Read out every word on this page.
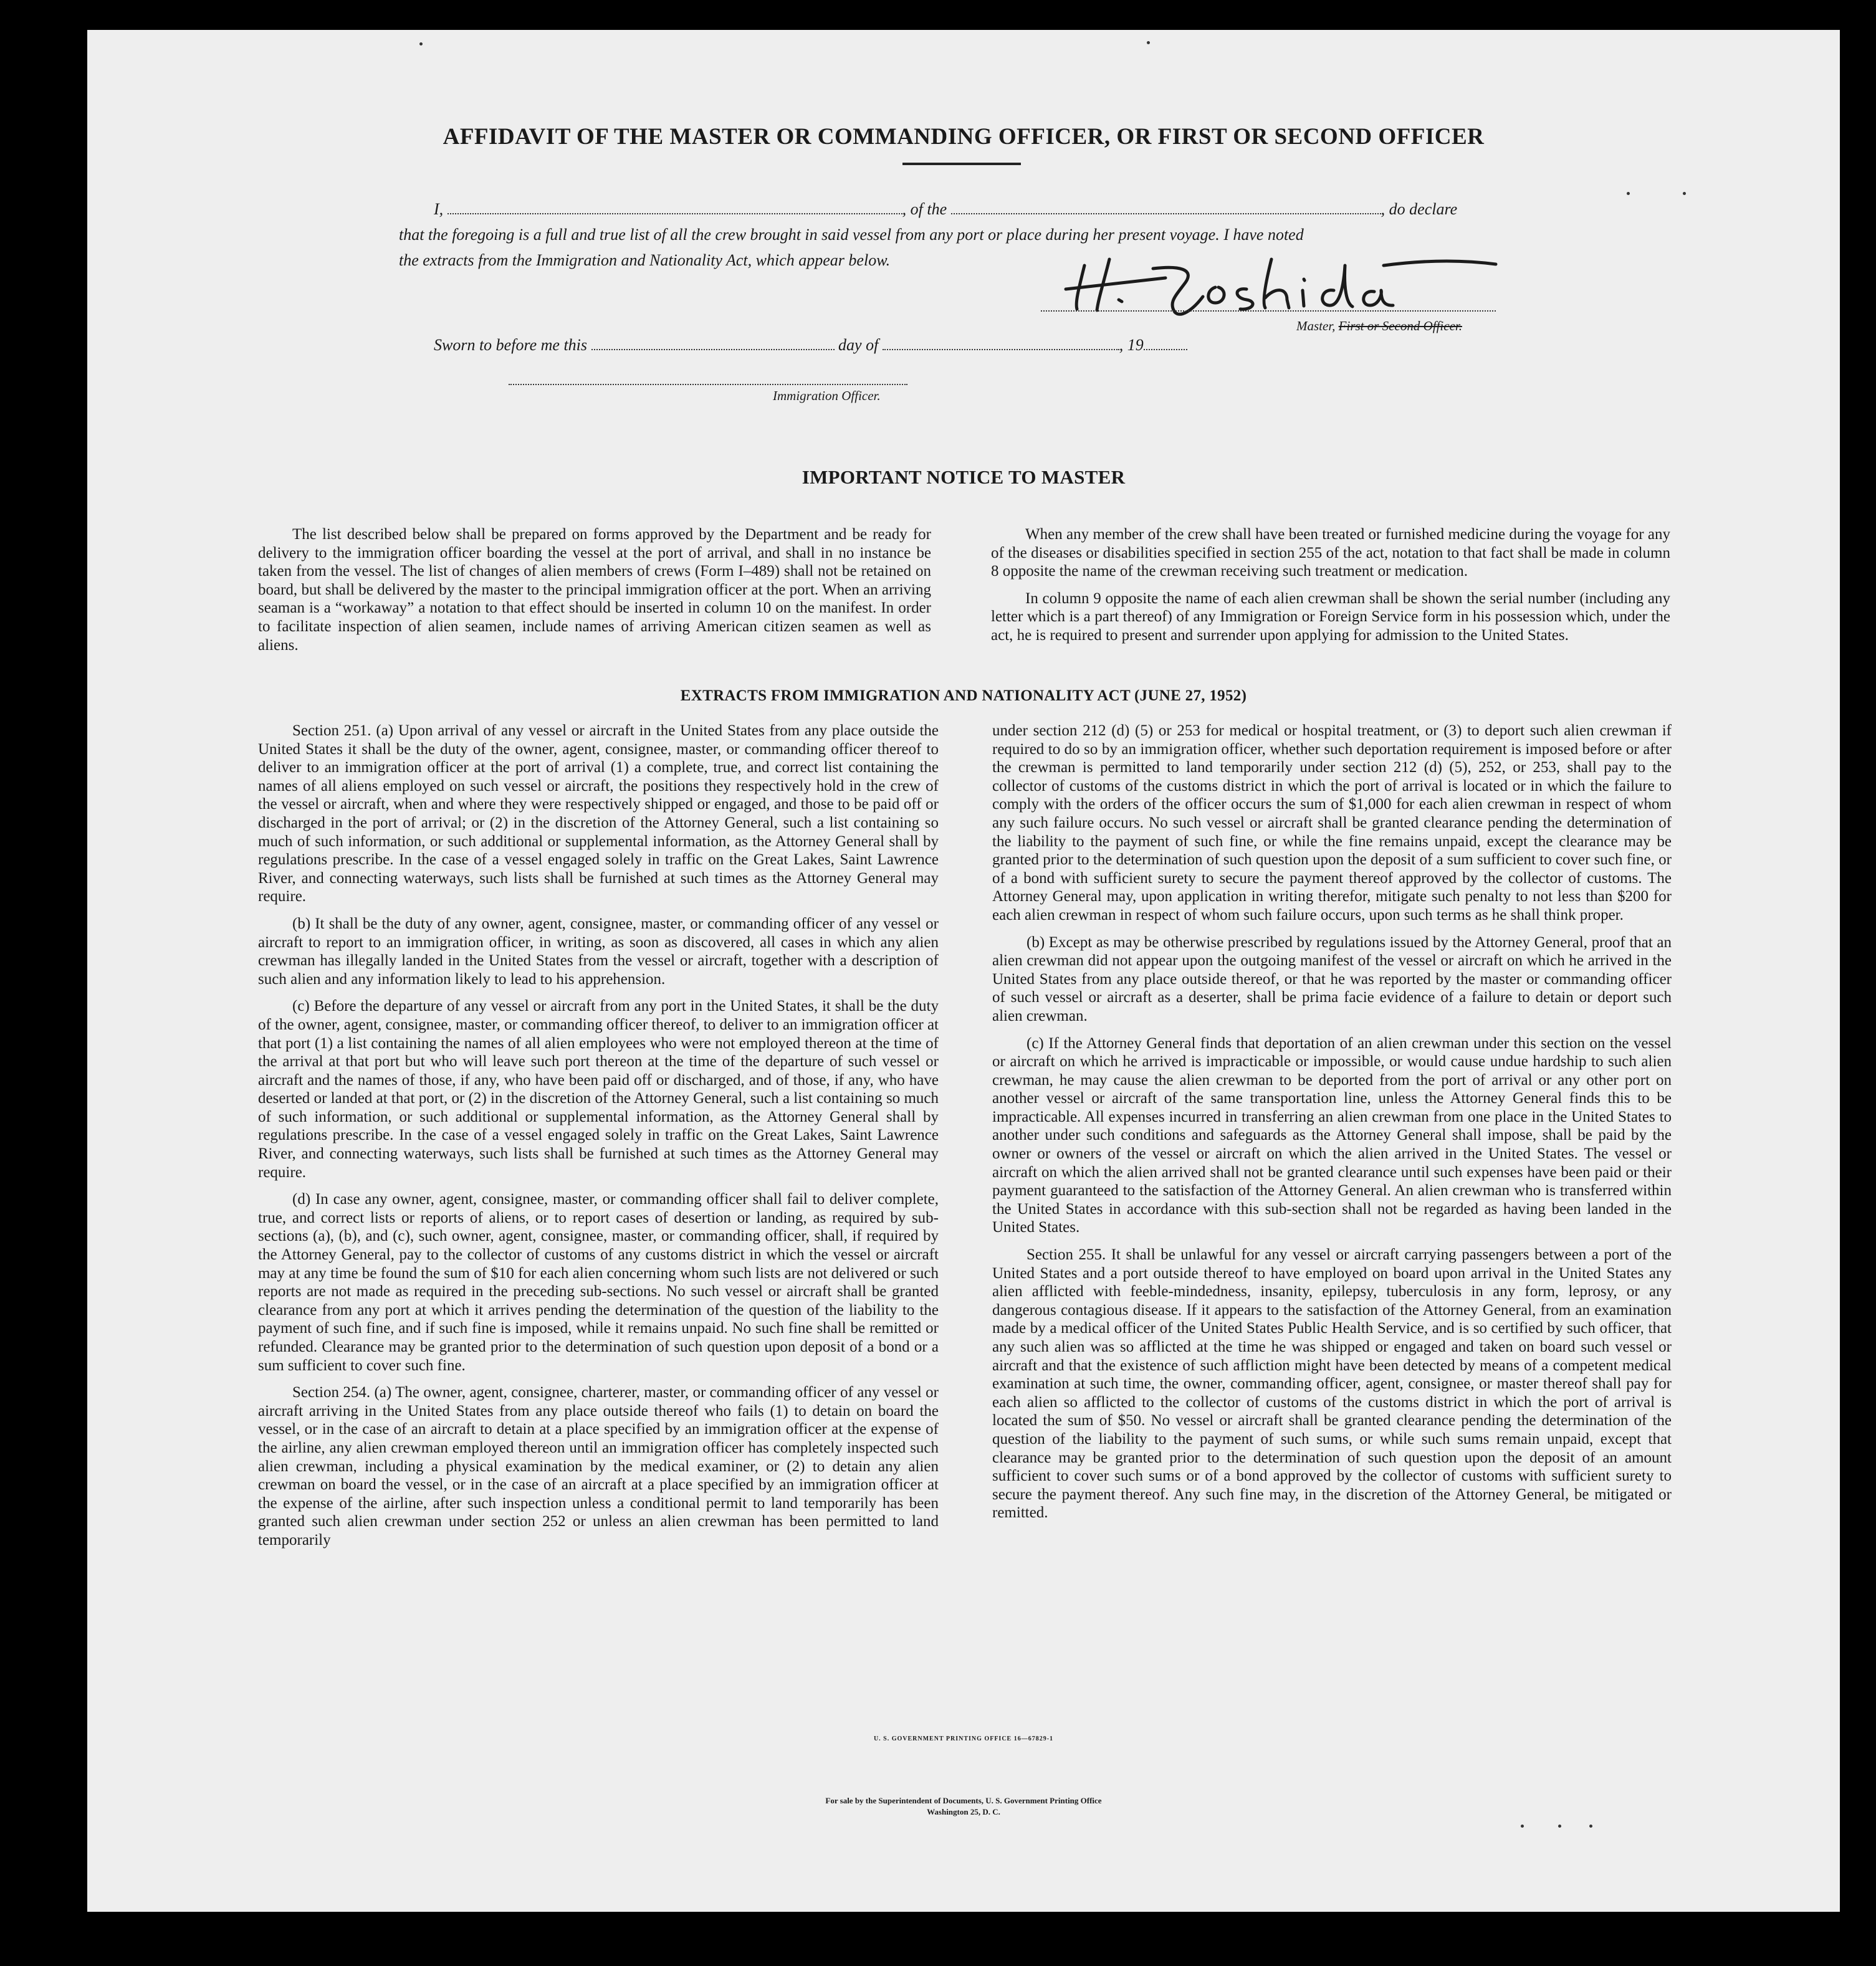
AFFIDAVIT OF THE MASTER OR COMMANDING OFFICER, OR FIRST OR SECOND OFFICER
I,	, of the	, do declare
that the foregoing is a full and true list of all the crew brought in said vessel from any port or place during her present voyage. I have noted
the extracts from the Immigration and Nationality Act, which appear below.
Master, First or Second Officer.
Sworn to before me this	day of	, 19
Immigration Officer.
IMPORTANT NOTICE TO MASTER

The list described below shall be prepared on forms approved by the Department and be ready for delivery to the immigration officer boarding the vessel at the port of arrival, and shall in no instance be taken from the vessel. The list of changes of alien members of crews (Form I–489) shall not be retained on board, but shall be delivered by the master to the principal immigration officer at the port. When an arriving seaman is a “workaway” a notation to that effect should be inserted in column 10 on the manifest. In order to facilitate inspection of alien seamen, include names of arriving American citizen seamen as well as aliens.

When any member of the crew shall have been treated or furnished medicine during the voyage for any of the diseases or disabilities specified in section 255 of the act, notation to that fact shall be made in column 8 opposite the name of the crewman receiving such treatment or medication.

In column 9 opposite the name of each alien crewman shall be shown the serial number (including any letter which is a part thereof) of any Immigration or Foreign Service form in his possession which, under the act, he is required to present and surrender upon applying for admission to the United States.

EXTRACTS FROM IMMIGRATION AND NATIONALITY ACT (JUNE 27, 1952)

Section 251. (a) Upon arrival of any vessel or aircraft in the United States from any place outside the United States it shall be the duty of the owner, agent, consignee, master, or commanding officer thereof to deliver to an immigration officer at the port of arrival (1) a complete, true, and correct list containing the names of all aliens employed on such vessel or aircraft, the positions they respectively hold in the crew of the vessel or aircraft, when and where they were respectively shipped or engaged, and those to be paid off or discharged in the port of arrival; or (2) in the discretion of the Attorney General, such a list containing so much of such information, or such additional or supplemental information, as the Attorney General shall by regulations prescribe. In the case of a vessel engaged solely in traffic on the Great Lakes, Saint Lawrence River, and connecting waterways, such lists shall be furnished at such times as the Attorney General may require.

(b) It shall be the duty of any owner, agent, consignee, master, or commanding officer of any vessel or aircraft to report to an immigration officer, in writing, as soon as discovered, all cases in which any alien crewman has illegally landed in the United States from the vessel or aircraft, together with a description of such alien and any information likely to lead to his apprehension.

(c) Before the departure of any vessel or aircraft from any port in the United States, it shall be the duty of the owner, agent, consignee, master, or commanding officer thereof, to deliver to an immigration officer at that port (1) a list containing the names of all alien employees who were not employed thereon at the time of the arrival at that port but who will leave such port thereon at the time of the departure of such vessel or aircraft and the names of those, if any, who have been paid off or discharged, and of those, if any, who have deserted or landed at that port, or (2) in the discretion of the Attorney General, such a list containing so much of such information, or such additional or supplemental information, as the Attorney General shall by regulations prescribe. In the case of a vessel engaged solely in traffic on the Great Lakes, Saint Lawrence River, and connecting waterways, such lists shall be furnished at such times as the Attorney General may require.

(d) In case any owner, agent, consignee, master, or commanding officer shall fail to deliver complete, true, and correct lists or reports of aliens, or to report cases of desertion or landing, as required by sub-sections (a), (b), and (c), such owner, agent, consignee, master, or commanding officer, shall, if required by the Attorney General, pay to the collector of customs of any customs district in which the vessel or aircraft may at any time be found the sum of $10 for each alien concerning whom such lists are not delivered or such reports are not made as required in the preceding sub-sections. No such vessel or aircraft shall be granted clearance from any port at which it arrives pending the determination of the question of the liability to the payment of such fine, and if such fine is imposed, while it remains unpaid. No such fine shall be remitted or refunded. Clearance may be granted prior to the determination of such question upon deposit of a bond or a sum sufficient to cover such fine.

Section 254. (a) The owner, agent, consignee, charterer, master, or commanding officer of any vessel or aircraft arriving in the United States from any place outside thereof who fails (1) to detain on board the vessel, or in the case of an aircraft to detain at a place specified by an immigration officer at the expense of the airline, any alien crewman employed thereon until an immigration officer has completely inspected such alien crewman, including a physical examination by the medical examiner, or (2) to detain any alien crewman on board the vessel, or in the case of an aircraft at a place specified by an immigration officer at the expense of the airline, after such inspection unless a conditional permit to land temporarily has been granted such alien crewman under section 252 or unless an alien crewman has been permitted to land temporarily

under section 212 (d) (5) or 253 for medical or hospital treatment, or (3) to deport such alien crewman if required to do so by an immigration officer, whether such deportation requirement is imposed before or after the crewman is permitted to land temporarily under section 212 (d) (5), 252, or 253, shall pay to the collector of customs of the customs district in which the port of arrival is located or in which the failure to comply with the orders of the officer occurs the sum of $1,000 for each alien crewman in respect of whom any such failure occurs. No such vessel or aircraft shall be granted clearance pending the determination of the liability to the payment of such fine, or while the fine remains unpaid, except the clearance may be granted prior to the determination of such question upon the deposit of a sum sufficient to cover such fine, or of a bond with sufficient surety to secure the payment thereof approved by the collector of customs. The Attorney General may, upon application in writing therefor, mitigate such penalty to not less than $200 for each alien crewman in respect of whom such failure occurs, upon such terms as he shall think proper.

(b) Except as may be otherwise prescribed by regulations issued by the Attorney General, proof that an alien crewman did not appear upon the outgoing manifest of the vessel or aircraft on which he arrived in the United States from any place outside thereof, or that he was reported by the master or commanding officer of such vessel or aircraft as a deserter, shall be prima facie evidence of a failure to detain or deport such alien crewman.

(c) If the Attorney General finds that deportation of an alien crewman under this section on the vessel or aircraft on which he arrived is impracticable or impossible, or would cause undue hardship to such alien crewman, he may cause the alien crewman to be deported from the port of arrival or any other port on another vessel or aircraft of the same transportation line, unless the Attorney General finds this to be impracticable. All expenses incurred in transferring an alien crewman from one place in the United States to another under such conditions and safeguards as the Attorney General shall impose, shall be paid by the owner or owners of the vessel or aircraft on which the alien arrived in the United States. The vessel or aircraft on which the alien arrived shall not be granted clearance until such expenses have been paid or their payment guaranteed to the satisfaction of the Attorney General. An alien crewman who is transferred within the United States in accordance with this sub-section shall not be regarded as having been landed in the United States.

Section 255. It shall be unlawful for any vessel or aircraft carrying passengers between a port of the United States and a port outside thereof to have employed on board upon arrival in the United States any alien afflicted with feeble-mindedness, insanity, epilepsy, tuberculosis in any form, leprosy, or any dangerous contagious disease. If it appears to the satisfaction of the Attorney General, from an examination made by a medical officer of the United States Public Health Service, and is so certified by such officer, that any such alien was so afflicted at the time he was shipped or engaged and taken on board such vessel or aircraft and that the existence of such affliction might have been detected by means of a competent medical examination at such time, the owner, commanding officer, agent, consignee, or master thereof shall pay for each alien so afflicted to the collector of customs of the customs district in which the port of arrival is located the sum of $50. No vessel or aircraft shall be granted clearance pending the determination of the question of the liability to the payment of such sums, or while such sums remain unpaid, except that clearance may be granted prior to the determination of such question upon the deposit of an amount sufficient to cover such sums or of a bond approved by the collector of customs with sufficient surety to secure the payment thereof. Any such fine may, in the discretion of the Attorney General, be mitigated or remitted.

U. S. GOVERNMENT PRINTING OFFICE 16—67829-1
For sale by the Superintendent of Documents, U. S. Government Printing Office
Washington 25, D. C.
